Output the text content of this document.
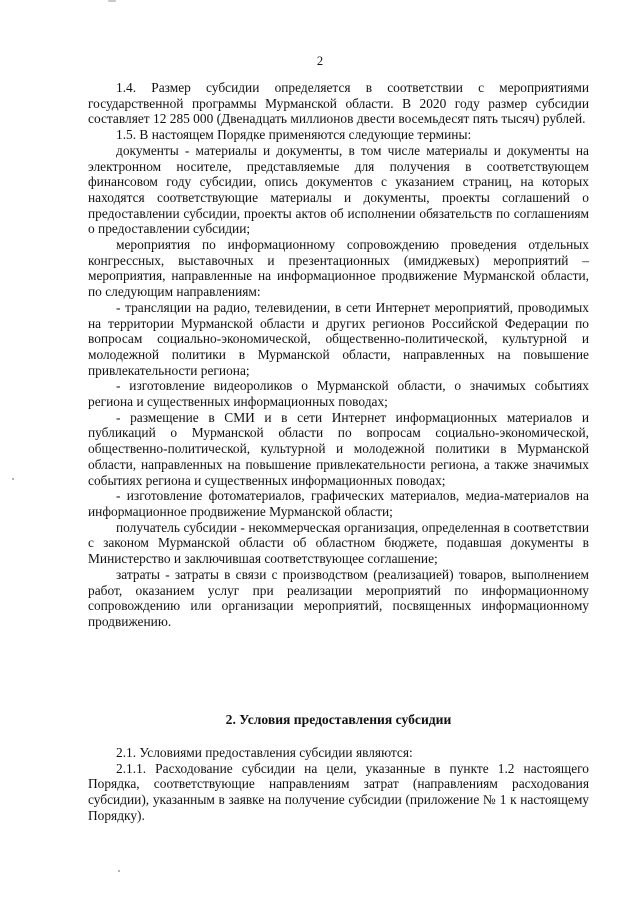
2

1.4. Размер субсидии определяется в соответствии с мероприятиями государственной программы Мурманской области. В 2020 году размер субсидии составляет 12 285 000 (Двенадцать миллионов двести восемьдесят пять тысяч) рублей.

1.5. В настоящем Порядке применяются следующие термины:

документы - материалы и документы, в том числе материалы и документы на электронном носителе, представляемые для получения в соответствующем финансовом году субсидии, опись документов с указанием страниц, на которых находятся соответствующие материалы и документы, проекты соглашений о предоставлении субсидии, проекты актов об исполнении обязательств по соглашениям о предоставлении субсидии;

мероприятия по информационному сопровождению проведения отдельных конгрессных, выставочных и презентационных (имиджевых) мероприятий – мероприятия, направленные на информационное продвижение Мурманской области, по следующим направлениям:

- трансляции на радио, телевидении, в сети Интернет мероприятий, проводимых на территории Мурманской области и других регионов Российской Федерации по вопросам социально-экономической, общественно-политической, культурной и молодежной политики в Мурманской области, направленных на повышение привлекательности региона;

- изготовление видеороликов о Мурманской области, о значимых событиях региона и существенных информационных поводах;

- размещение в СМИ и в сети Интернет информационных материалов и публикаций о Мурманской области по вопросам социально-экономической, общественно-политической, культурной и молодежной политики в Мурманской области, направленных на повышение привлекательности региона, а также значимых событиях региона и существенных информационных поводах;

- изготовление фотоматериалов, графических материалов, медиа-материалов на информационное продвижение Мурманской области;

получатель субсидии - некоммерческая организация, определенная в соответствии с законом Мурманской области об областном бюджете, подавшая документы в Министерство и заключившая соответствующее соглашение;

затраты - затраты в связи с производством (реализацией) товаров, выполнением работ, оказанием услуг при реализации мероприятий по информационному сопровождению или организации мероприятий, посвященных информационному продвижению.

2. Условия предоставления субсидии

2.1. Условиями предоставления субсидии являются:

2.1.1. Расходование субсидии на цели, указанные в пункте 1.2 настоящего Порядка, соответствующие направлениям затрат (направлениям расходования субсидии), указанным в заявке на получение субсидии (приложение № 1 к настоящему Порядку).
